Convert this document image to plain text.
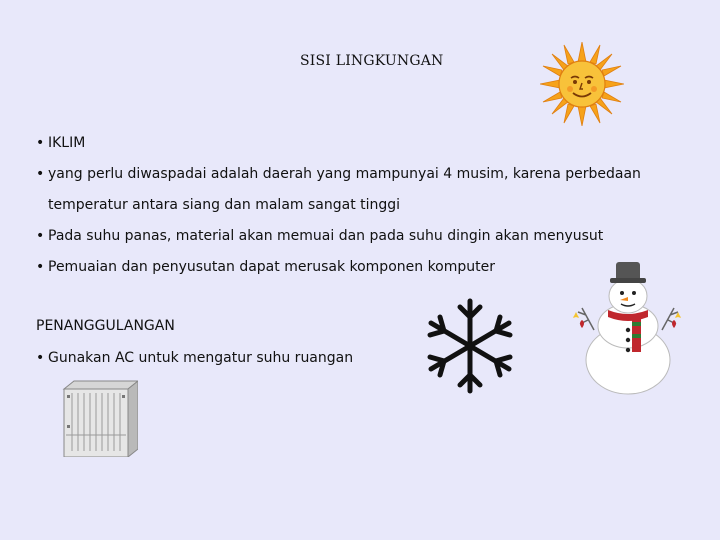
SISI LINGKUNGAN
• IKLIM
• yang perlu diwaspadai adalah daerah yang mampunyai 4 musim, karena perbedaan
temperatur antara siang dan malam sangat tinggi
• Pada suhu panas, material akan memuai dan pada suhu dingin akan menyusut
• Pemuaian dan penyusutan dapat merusak komponen komputer
PENANGGULANGAN
• Gunakan AC untuk mengatur suhu ruangan
